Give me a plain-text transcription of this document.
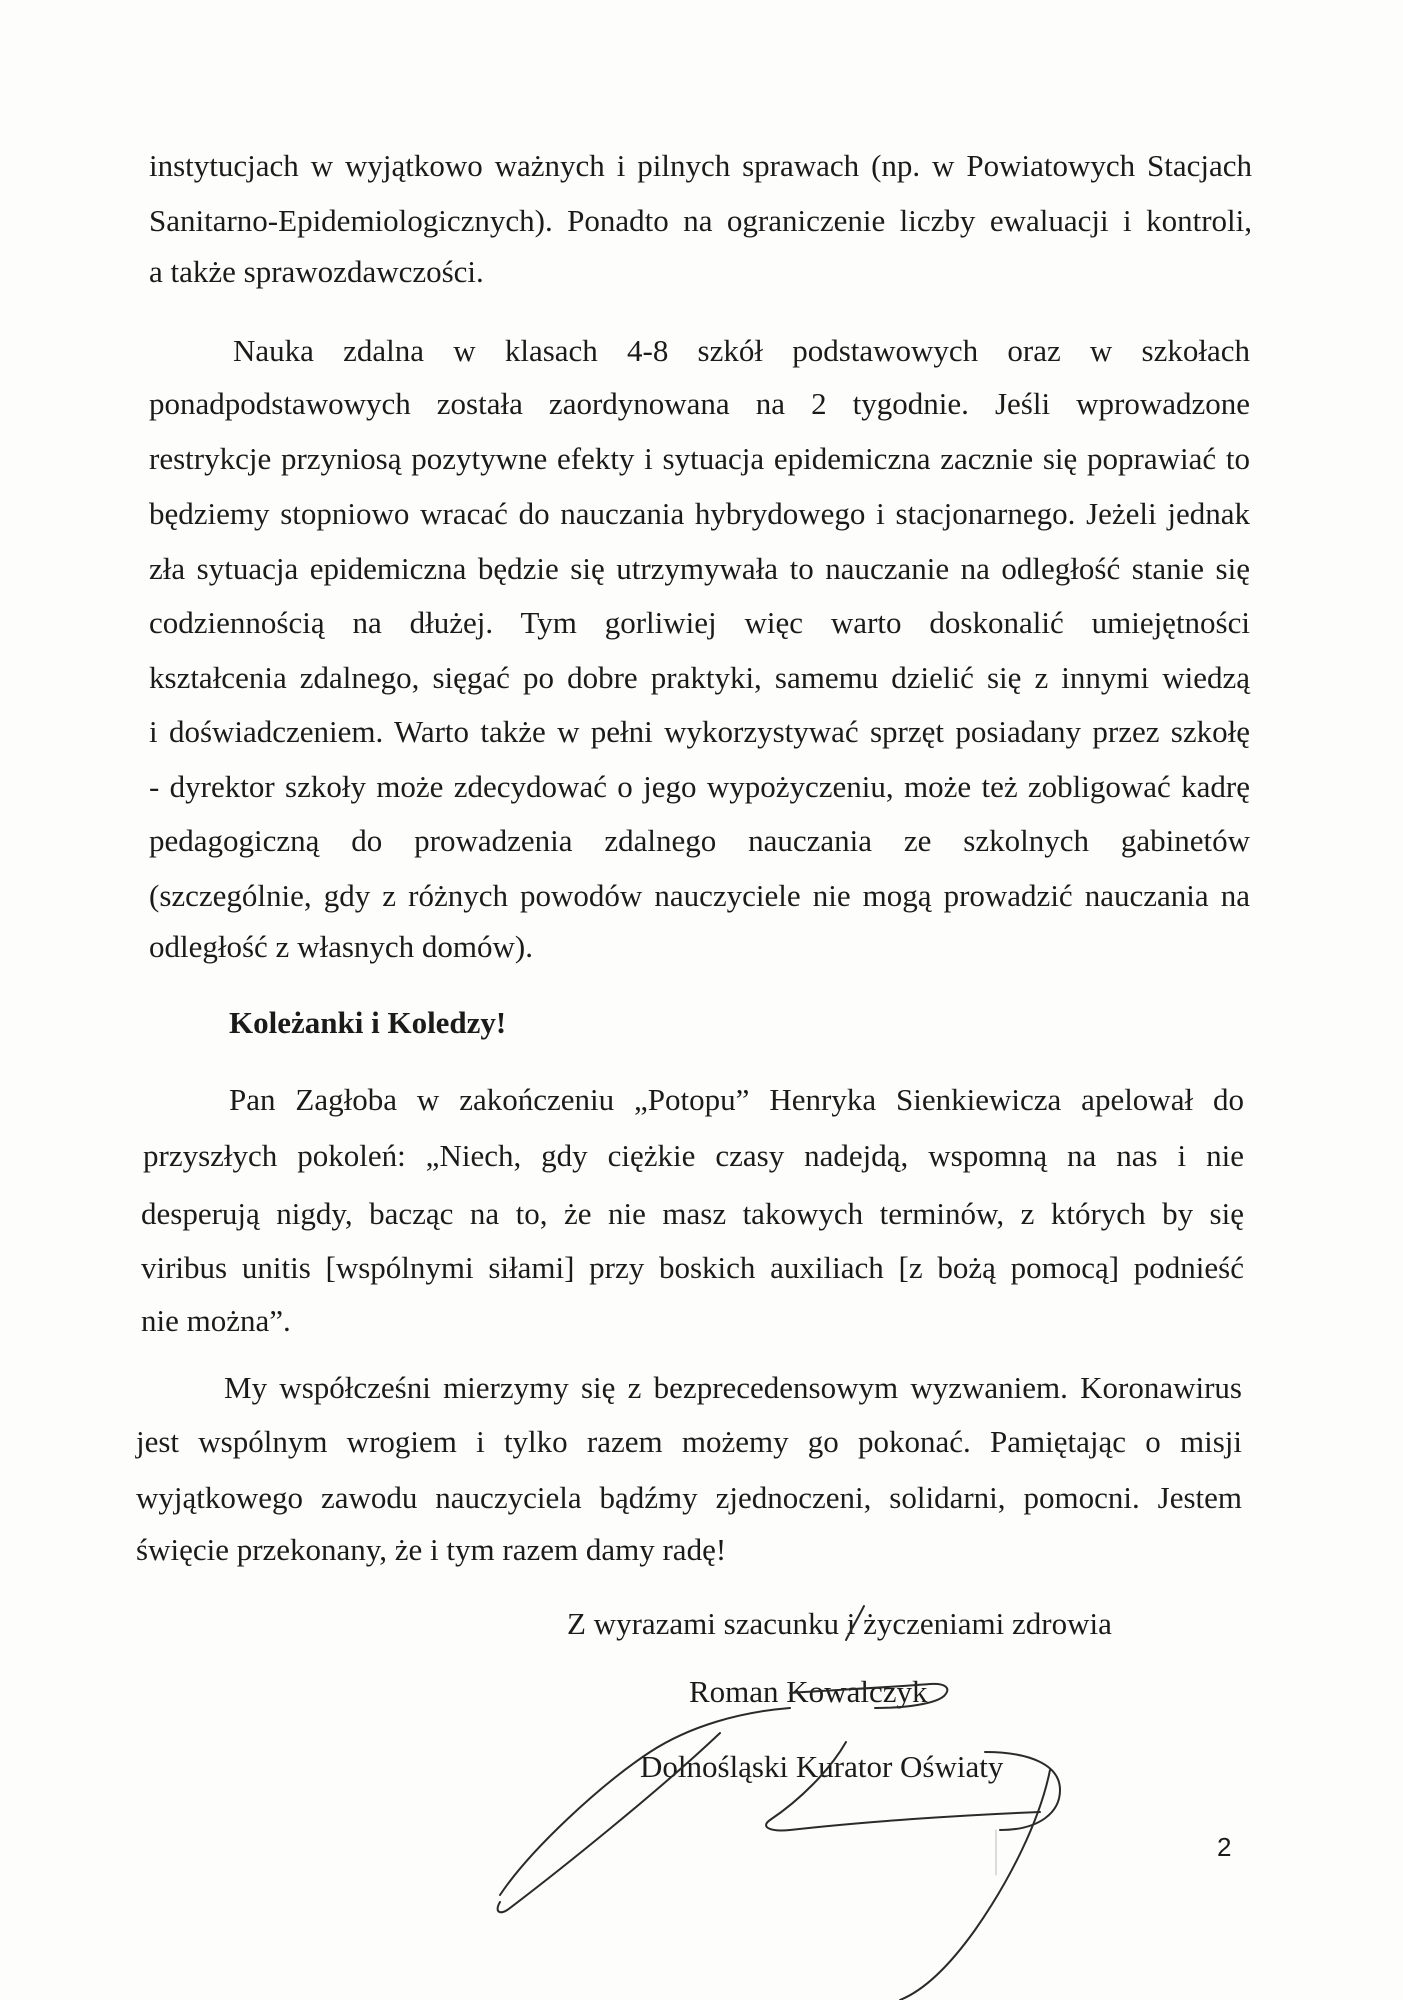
instytucjach w wyjątkowo ważnych i pilnych sprawach (np. w Powiatowych Stacjach
Sanitarno-Epidemiologicznych). Ponadto na ograniczenie liczby ewaluacji i kontroli,
a także sprawozdawczości.
Nauka zdalna w klasach 4-8 szkół podstawowych oraz w szkołach
ponadpodstawowych została zaordynowana na 2 tygodnie. Jeśli wprowadzone
restrykcje przyniosą pozytywne efekty i sytuacja epidemiczna zacznie się poprawiać to
będziemy stopniowo wracać do nauczania hybrydowego i stacjonarnego. Jeżeli jednak
zła sytuacja epidemiczna będzie się utrzymywała to nauczanie na odległość stanie się
codziennością na dłużej. Tym gorliwiej więc warto doskonalić umiejętności
kształcenia zdalnego, sięgać po dobre praktyki, samemu dzielić się z innymi wiedzą
i doświadczeniem. Warto także w pełni wykorzystywać sprzęt posiadany przez szkołę
- dyrektor szkoły może zdecydować o jego wypożyczeniu, może też zobligować kadrę
pedagogiczną do prowadzenia zdalnego nauczania ze szkolnych gabinetów
(szczególnie, gdy z różnych powodów nauczyciele nie mogą prowadzić nauczania na
odległość z własnych domów).
Koleżanki i Koledzy!
Pan Zagłoba w zakończeniu „Potopu” Henryka Sienkiewicza apelował do
przyszłych pokoleń: „Niech, gdy ciężkie czasy nadejdą, wspomną na nas i nie
desperują nigdy, bacząc na to, że nie masz takowych terminów, z których by się
viribus unitis [wspólnymi siłami] przy boskich auxiliach [z bożą pomocą] podnieść
nie można”.
My współcześni mierzymy się z bezprecedensowym wyzwaniem. Koronawirus
jest wspólnym wrogiem i tylko razem możemy go pokonać. Pamiętając o misji
wyjątkowego zawodu nauczyciela bądźmy zjednoczeni, solidarni, pomocni. Jestem
święcie przekonany, że i tym razem damy radę!
Z wyrazami szacunku i życzeniami zdrowia
Roman Kowalczyk
Dolnośląski Kurator Oświaty
2
